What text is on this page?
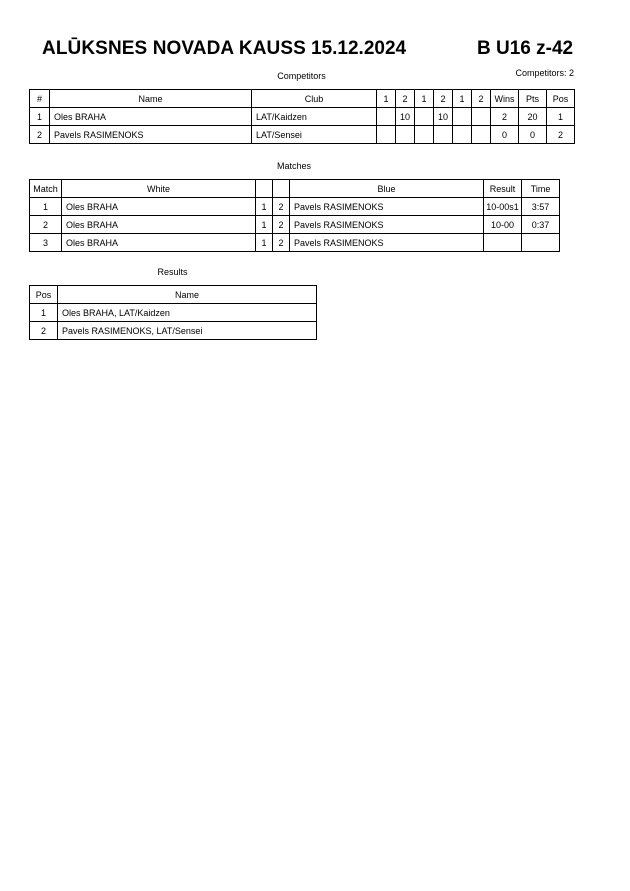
ALŪKSNES NOVADA KAUSS 15.12.2024	B U16 z-42
Competitors	Competitors: 2
#	Name	Club	1	2	1	2	1	2	Wins	Pts	Pos
1	Oles BRAHA	LAT/Kaidzen		10		10			2	20	1
2	Pavels RASIMENOKS	LAT/Sensei							0	0	2
Matches
Match	White			Blue	Result	Time
1	Oles BRAHA	1	2	Pavels RASIMENOKS	10-00s1	3:57
2	Oles BRAHA	1	2	Pavels RASIMENOKS	10-00	0:37
3	Oles BRAHA	1	2	Pavels RASIMENOKS		
Results
Pos	Name
1	Oles BRAHA, LAT/Kaidzen
2	Pavels RASIMENOKS, LAT/Sensei
